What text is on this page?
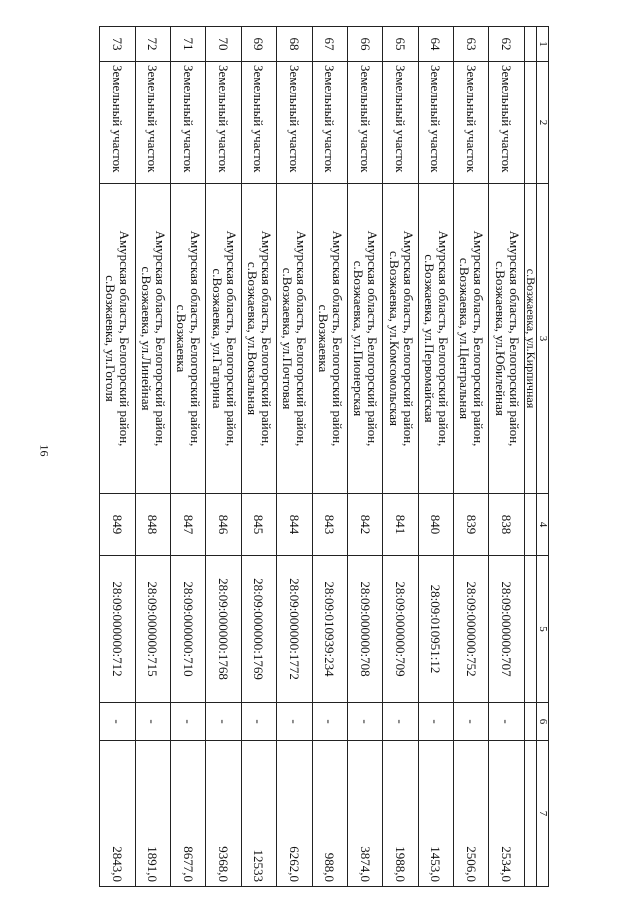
16
1	2	3	4	5	6	7
		с.Возжаевка, ул.Кирпичная				
62	Земельный участок	Амурская область, Белогорский район,
с.Возжаевка, ул.Юбилейная	838	28:09:000000:707	-	2534,0
63	Земельный участок	Амурская область, Белогорский район,
с.Возжаевка, ул.Центральная	839	28:09:000000:752	-	2506,0
64	Земельный участок	Амурская область, Белогорский район,
с.Возжаевка, ул.Первомайская	840	28:09:010951:12	-	1453,0
65	Земельный участок	Амурская область, Белогорский район,
с.Возжаевка, ул.Комсомольская	841	28:09:000000:709	-	1988,0
66	Земельный участок	Амурская область, Белогорский район,
с.Возжаевка, ул.Пионерская	842	28:09:000000:708	-	3874,0
67	Земельный участок	Амурская область, Белогорский район,
с.Возжаевка	843	28:09:010939:234	-	988,0
68	Земельный участок	Амурская область, Белогорский район,
с.Возжаевка, ул.Почтовая	844	28:09:000000:1772	-	6262,0
69	Земельный участок	Амурская область, Белогорский район,
с.Возжаевка, ул.Вокзальная	845	28:09:000000:1769	-	12533
70	Земельный участок	Амурская область, Белогорский район,
с.Возжаевка, ул.Гагарина	846	28:09:000000:1768	-	9368,0
71	Земельный участок	Амурская область, Белогорский район,
с.Возжаевка	847	28:09:000000:710	-	8677,0
72	Земельный участок	Амурская область, Белогорский район,
с.Возжаевка, ул.Линейная	848	28:09:000000:715	-	1891,0
73	Земельный участок	Амурская область, Белогорский район,
с.Возжаевка, ул.Гоголя	849	28:09:000000:712	-	2843,0
